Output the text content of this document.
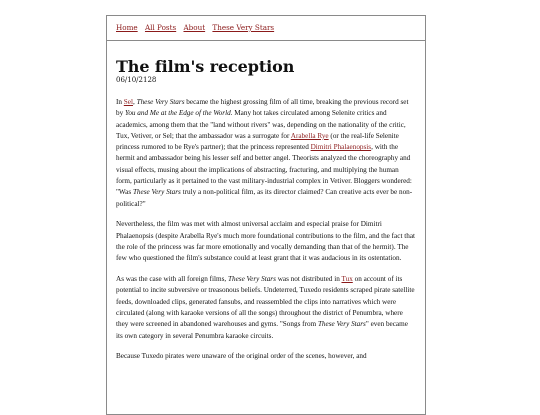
Home All Posts About These Very Stars
The film's reception
06/10/2128

In Sel, These Very Stars became the highest grossing film of all time, breaking the previous record set by You and Me at the Edge of the World. Many hot takes circulated among Selenite critics and academics, among them that the "land without rivers" was, depending on the nationality of the critic, Tux, Vetiver, or Sel; that the ambassador was a surrogate for Arabella Rye (or the real-life Selenite princess rumored to be Rye's partner); that the princess represented Dimitri Phalaenopsis, with the hermit and ambassador being his lesser self and better angel. Theorists analyzed the choreography and visual effects, musing about the implications of abstracting, fracturing, and multiplying the human form, particularly as it pertained to the vast military-industrial complex in Vetiver. Bloggers wondered: "Was These Very Stars truly a non-political film, as its director claimed? Can creative acts ever be non-political?"

Nevertheless, the film was met with almost universal acclaim and especial praise for Dimitri Phalaenopsis (despite Arabella Rye's much more foundational contributions to the film, and the fact that the role of the princess was far more emotionally and vocally demanding than that of the hermit). The few who questioned the film's substance could at least grant that it was audacious in its ostentation.

As was the case with all foreign films, These Very Stars was not distributed in Tux on account of its potential to incite subversive or treasonous beliefs. Undeterred, Tuxedo residents scraped pirate satellite feeds, downloaded clips, generated fansubs, and reassembled the clips into narratives which were circulated (along with karaoke versions of all the songs) throughout the district of Penumbra, where they were screened in abandoned warehouses and gyms. "Songs from These Very Stars" even became its own category in several Penumbra karaoke circuits.

Because Tuxedo pirates were unaware of the original order of the scenes, however, and
